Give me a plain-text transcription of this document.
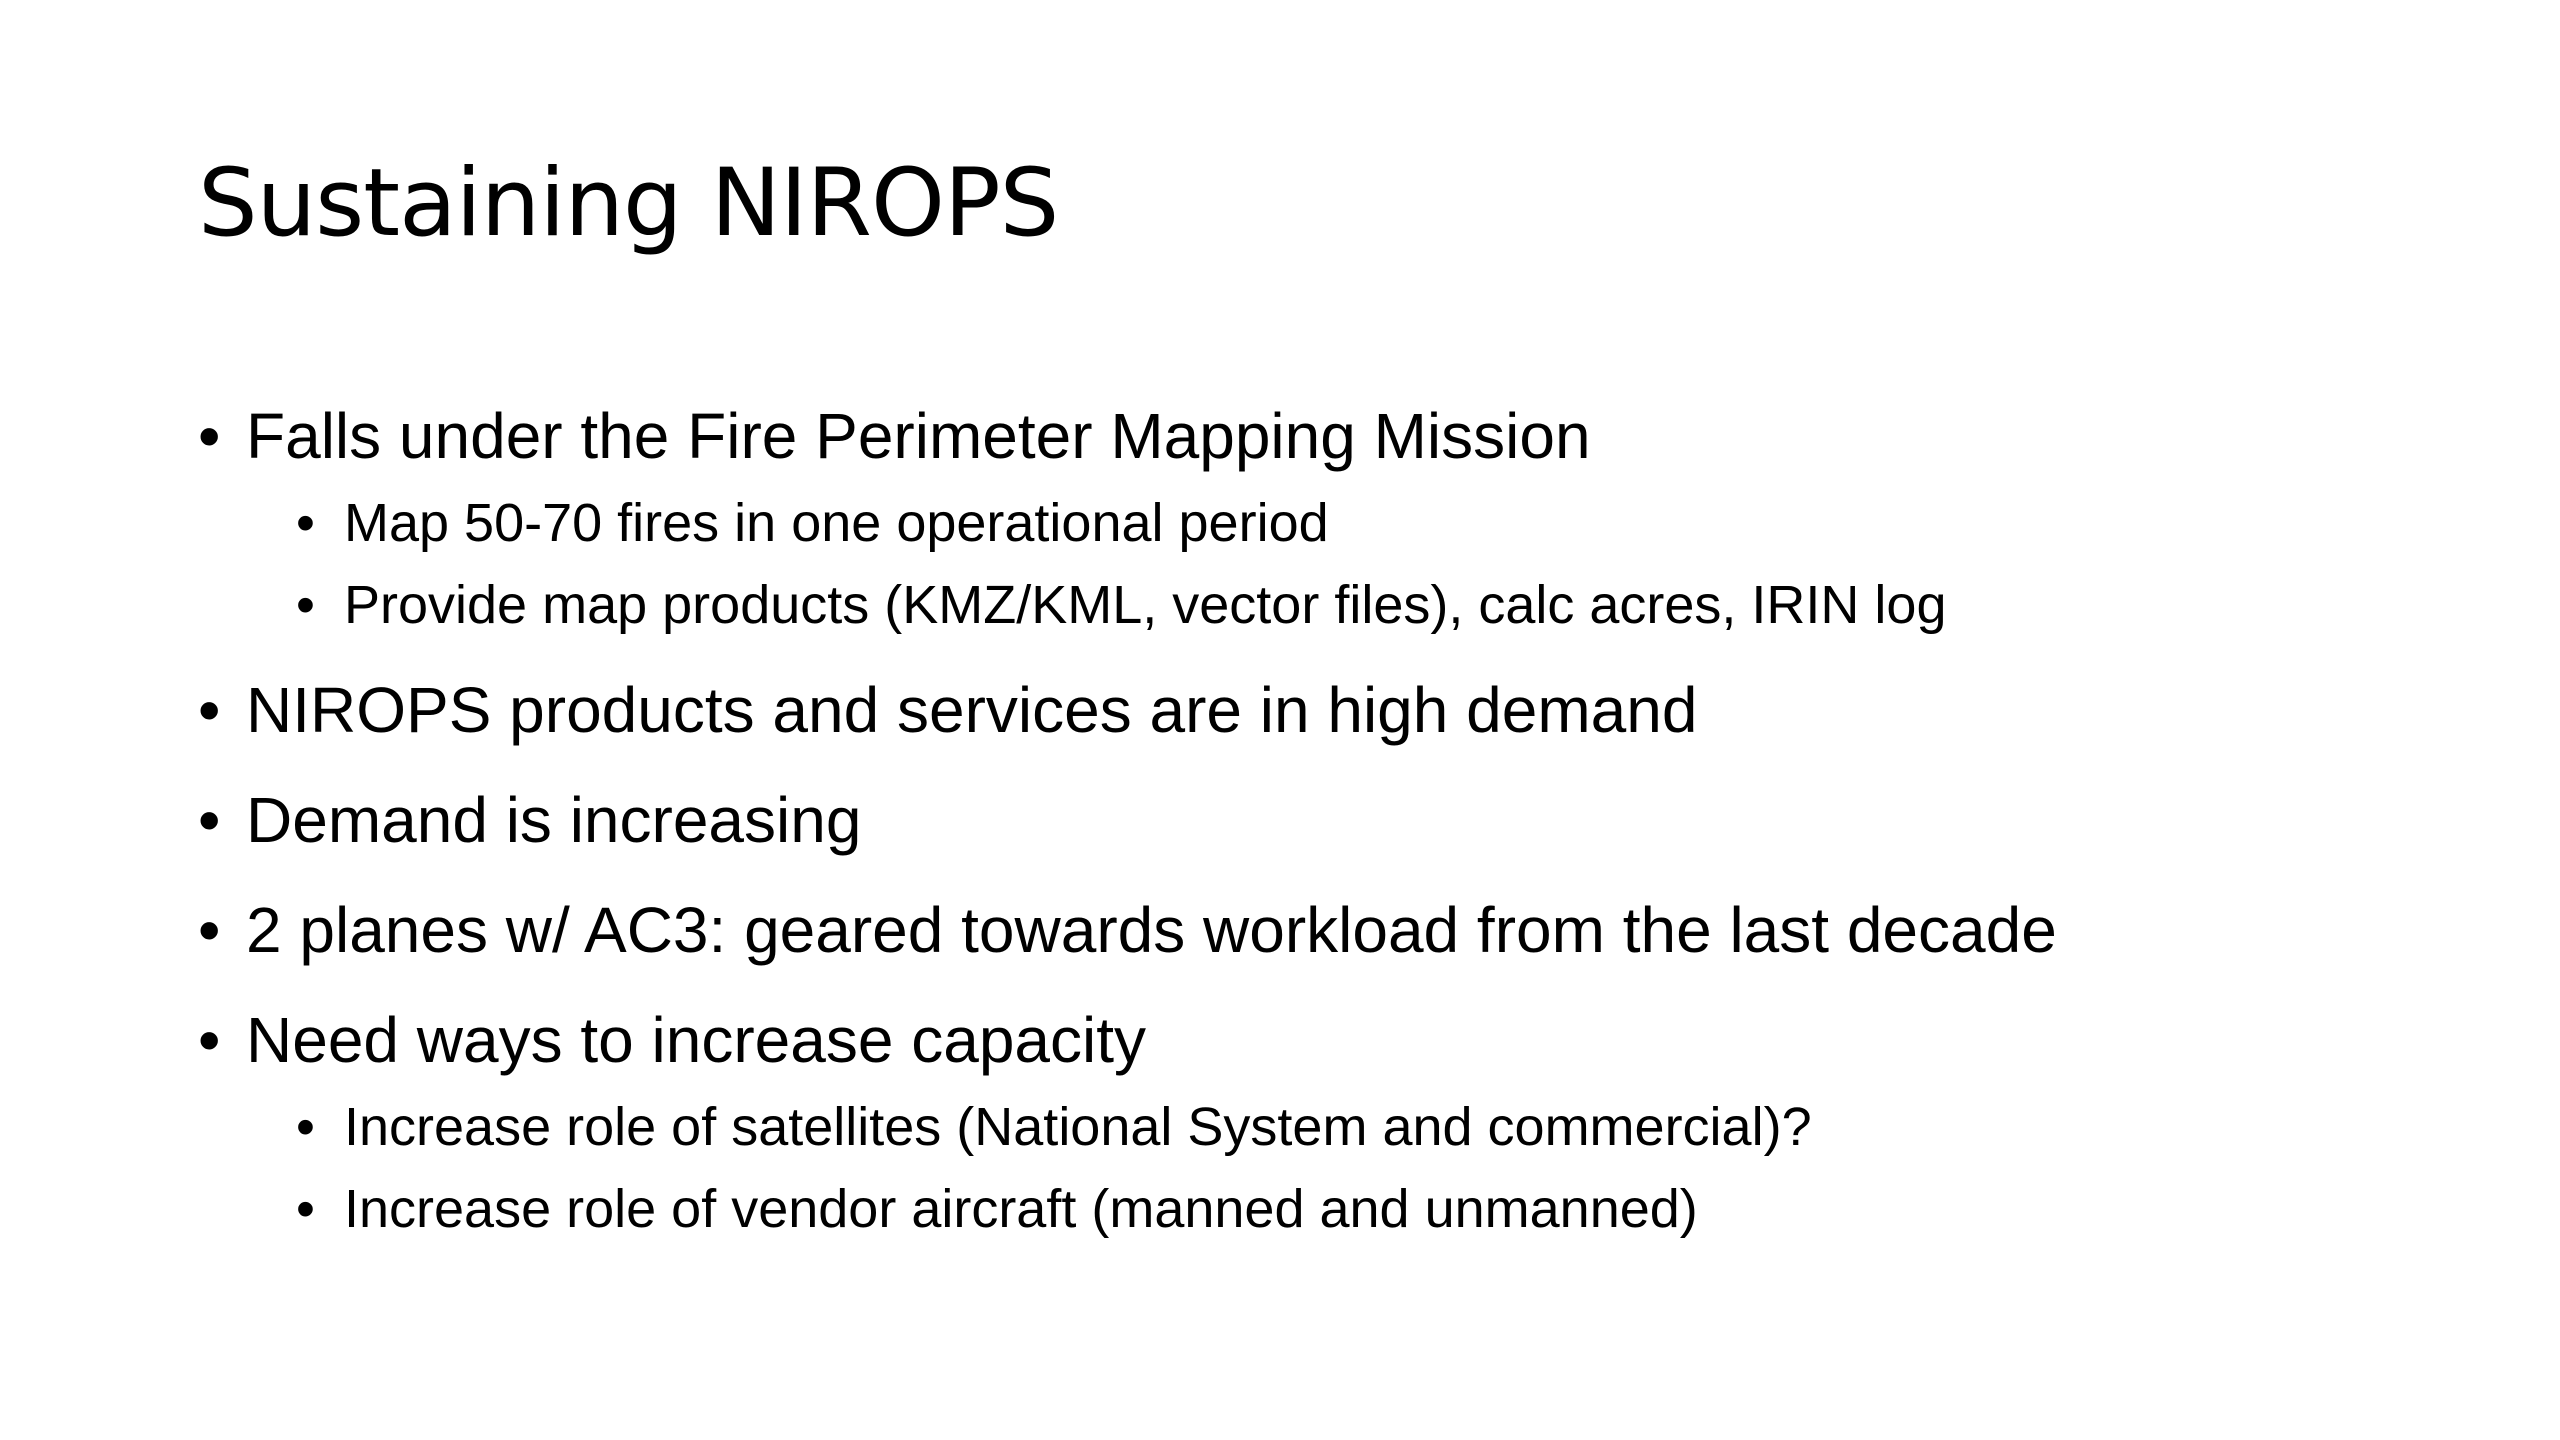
Sustaining NIROPS
•
Falls under the Fire Perimeter Mapping Mission
•
Map 50-70 fires in one operational period
•
Provide map products (KMZ/KML, vector files), calc acres, IRIN log
•
NIROPS products and services are in high demand
•
Demand is increasing
•
2 planes w/ AC3: geared towards workload from the last decade
•
Need ways to increase capacity
•
Increase role of satellites (National System and commercial)?
•
Increase role of vendor aircraft (manned and unmanned)
